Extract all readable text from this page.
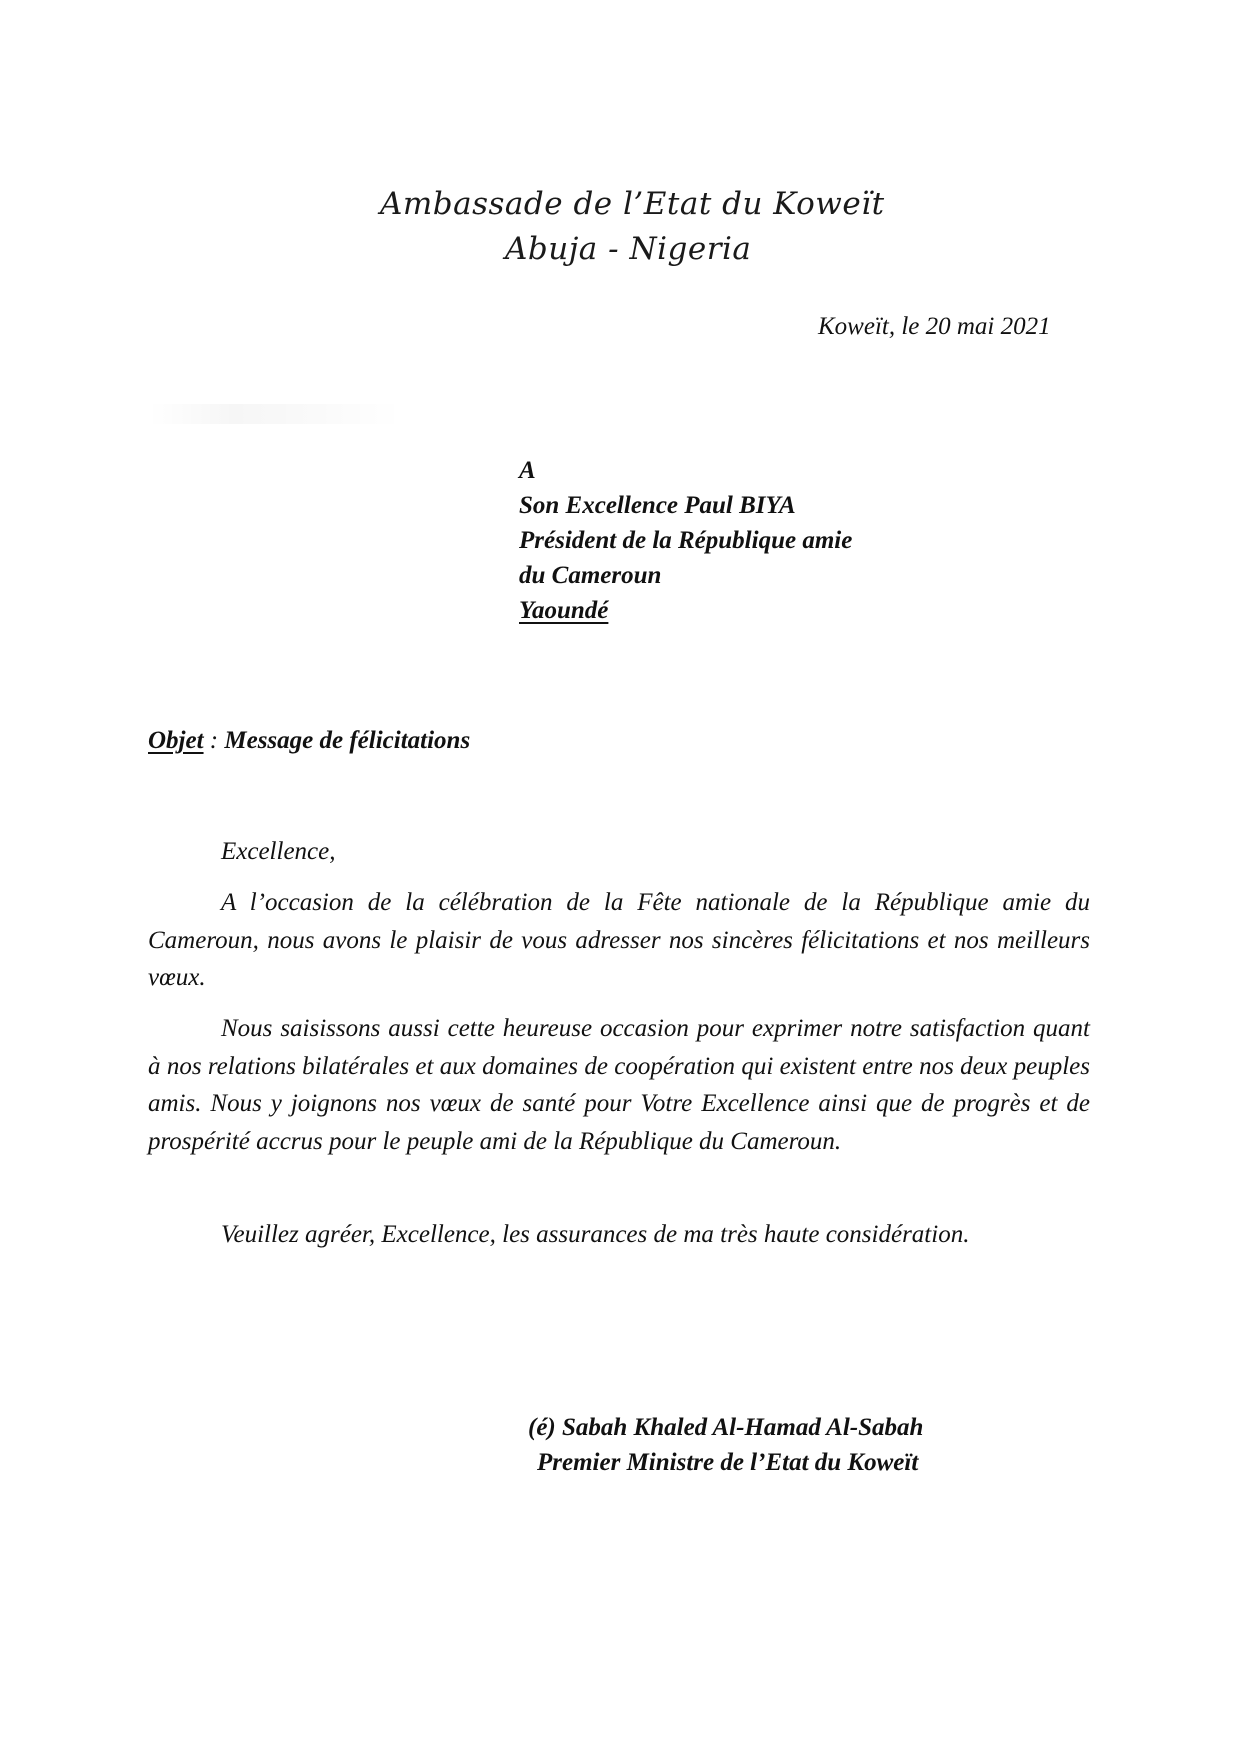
Ambassade de l’Etat du Koweït
Abuja - Nigeria
Koweït, le 20 mai 2021
A
Son Excellence Paul BIYA
Président de la République amie
du Cameroun
Yaoundé
Objet : Message de félicitations
Excellence,

A l’occasion de la célébration de la Fête nationale de la République amie du Cameroun, nous avons le plaisir de vous adresser nos sincères félicitations et nos meilleurs vœux.

Nous saisissons aussi cette heureuse occasion pour exprimer notre satisfaction quant à nos relations bilatérales et aux domaines de coopération qui existent entre nos deux peuples amis. Nous y joignons nos vœux de santé pour Votre Excellence ainsi que de progrès et de prospérité accrus pour le peuple ami de la République du Cameroun.

Veuillez agréer, Excellence, les assurances de ma très haute considération.

(é) Sabah Khaled Al-Hamad Al-Sabah
Premier Ministre de l’Etat du Koweït
